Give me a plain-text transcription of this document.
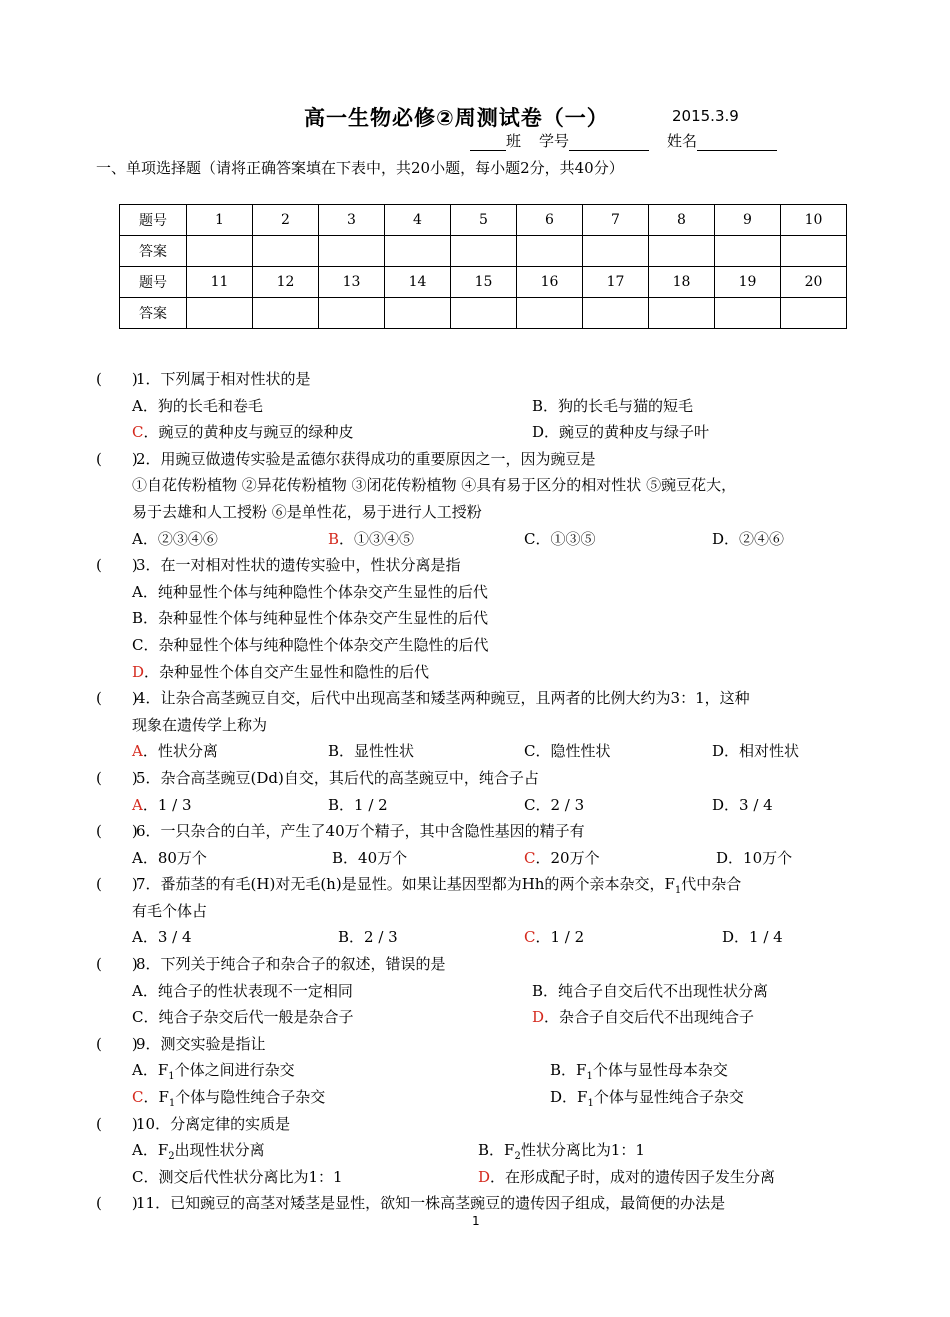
高一生物必修②周测试卷（一）	2015.3.9
班 学号	姓名
一、单项选择题（请将正确答案填在下表中，共20小题，每小题2分，共40分）
题号	1	2	3	4	5	6	7	8	9	10
答案										
题号	11	12	13	14	15	16	17	18	19	20
答案										
(　　)
1．下列属于相对性状的是
A．狗的长毛和卷毛	B．狗的长毛与猫的短毛
C．豌豆的黄种皮与豌豆的绿种皮	D．豌豆的黄种皮与绿子叶
(　　)
2．用豌豆做遗传实验是孟德尔获得成功的重要原因之一，因为豌豆是
①自花传粉植物 ②异花传粉植物 ③闭花传粉植物 ④具有易于区分的相对性状 ⑤豌豆花大，
易于去雄和人工授粉 ⑥是单性花，易于进行人工授粉
A．②③④⑥	B．①③④⑤	C．①③⑤	D．②④⑥
(　　)
3．在一对相对性状的遗传实验中，性状分离是指
A．纯种显性个体与纯种隐性个体杂交产生显性的后代
B．杂种显性个体与纯种显性个体杂交产生显性的后代
C．杂种显性个体与纯种隐性个体杂交产生隐性的后代
D．杂种显性个体自交产生显性和隐性的后代
(　　)
4．让杂合高茎豌豆自交，后代中出现高茎和矮茎两种豌豆，且两者的比例大约为3：1，这种
现象在遗传学上称为
A．性状分离	B．显性性状	C．隐性性状	D．相对性状
(　　)
5．杂合高茎豌豆(Dd)自交，其后代的高茎豌豆中，纯合子占
A．1 / 3	B．1 / 2	C．2 / 3	D．3 / 4
(　　)
6．一只杂合的白羊，产生了40万个精子，其中含隐性基因的精子有
A．80万个	B．40万个	C．20万个	D．10万个
(　　)
7．番茄茎的有毛(H)对无毛(h)是显性。如果让基因型都为Hh的两个亲本杂交，$F_1$代中杂合
有毛个体占
A．3 / 4	B．2 / 3	C．1 / 2	D．1 / 4
(　　)
8．下列关于纯合子和杂合子的叙述，错误的是
A．纯合子的性状表现不一定相同	B．纯合子自交后代不出现性状分离
C．纯合子杂交后代一般是杂合子	D．杂合子自交后代不出现纯合子
(　　)
9．测交实验是指让
A．$F_1$个体之间进行杂交	B．$F_1$个体与显性母本杂交
C．$F_1$个体与隐性纯合子杂交	D．$F_1$个体与显性纯合子杂交
(　　)
10．分离定律的实质是
A．$F_2$出现性状分离	B．$F_2$性状分离比为1：1
C．测交后代性状分离比为1：1	D．在形成配子时，成对的遗传因子发生分离
(　　)
11．已知豌豆的高茎对矮茎是显性，欲知一株高茎豌豆的遗传因子组成，最简便的办法是
1
